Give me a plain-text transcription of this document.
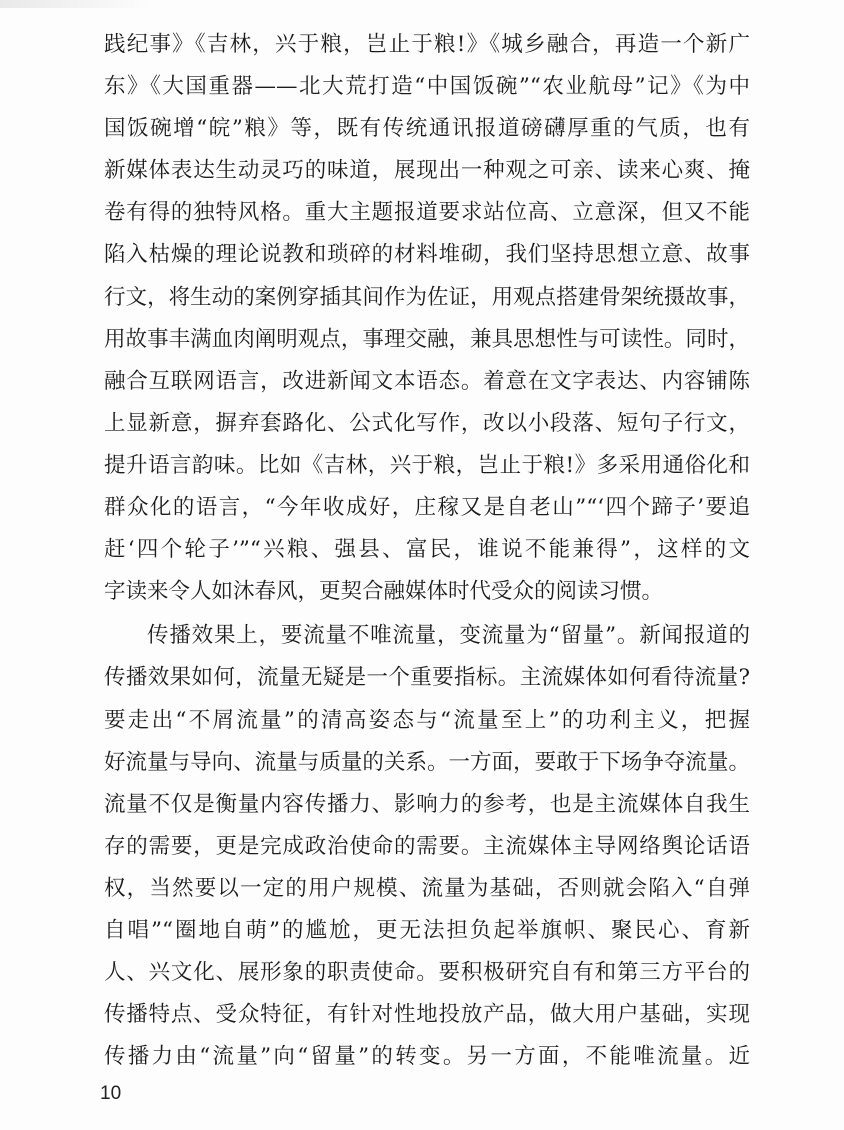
践纪事》《吉林，兴于粮，岂止于粮!》《城乡融合，再造一个新广
东》《大国重器——北大荒打造“中国饭碗”“农业航母”记》《为中
国饭碗增“皖”粮》等，既有传统通讯报道磅礴厚重的气质，也有
新媒体表达生动灵巧的味道，展现出一种观之可亲、读来心爽、掩
卷有得的独特风格。重大主题报道要求站位高、立意深，但又不能
陷入枯燥的理论说教和琐碎的材料堆砌，我们坚持思想立意、故事
行文，将生动的案例穿插其间作为佐证，用观点搭建骨架统摄故事，
用故事丰满血肉阐明观点，事理交融，兼具思想性与可读性。同时，
融合互联网语言，改进新闻文本语态。着意在文字表达、内容铺陈
上显新意，摒弃套路化、公式化写作，改以小段落、短句子行文，
提升语言韵味。比如《吉林，兴于粮，岂止于粮!》多采用通俗化和
群众化的语言，“今年收成好，庄稼又是自老山”“‘四个蹄子’要追
赶‘四个轮子’”“兴粮、强县、富民，谁说不能兼得”，这样的文
字读来令人如沐春风，更契合融媒体时代受众的阅读习惯。
传播效果上，要流量不唯流量，变流量为“留量”。新闻报道的
传播效果如何，流量无疑是一个重要指标。主流媒体如何看待流量?
要走出“不屑流量”的清高姿态与“流量至上”的功利主义，把握
好流量与导向、流量与质量的关系。一方面，要敢于下场争夺流量。
流量不仅是衡量内容传播力、影响力的参考，也是主流媒体自我生
存的需要，更是完成政治使命的需要。主流媒体主导网络舆论话语
权，当然要以一定的用户规模、流量为基础，否则就会陷入“自弹
自唱”“圈地自萌”的尴尬，更无法担负起举旗帜、聚民心、育新
人、兴文化、展形象的职责使命。要积极研究自有和第三方平台的
传播特点、受众特征，有针对性地投放产品，做大用户基础，实现
传播力由“流量”向“留量”的转变。另一方面，不能唯流量。近
10
